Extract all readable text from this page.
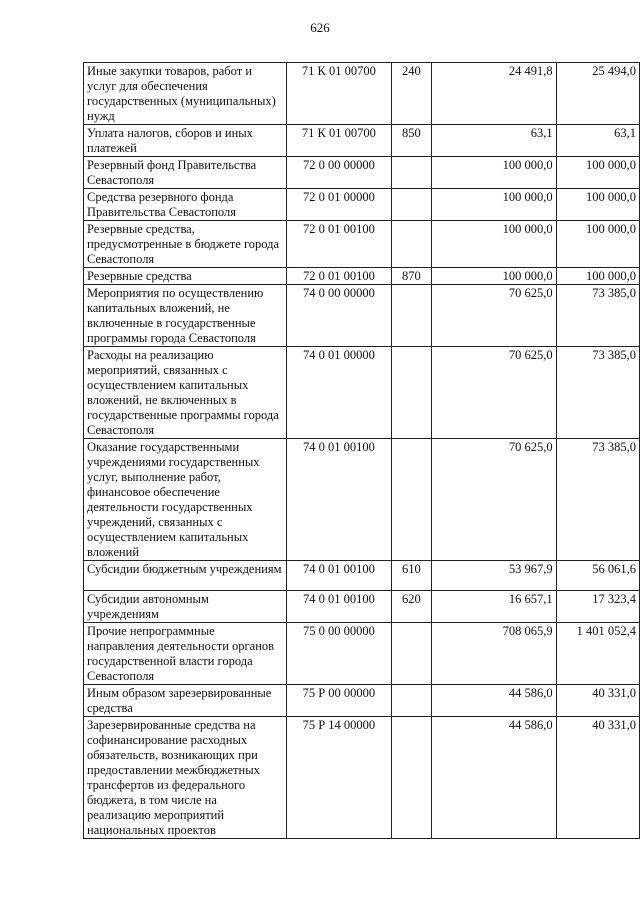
626
Иные закупки товаров, работ и услуг для обеспечения государственных (муниципальных) нужд	71 К 01 00700	240	24 491,8	25 494,0
Уплата налогов, сборов и иных платежей	71 К 01 00700	850	63,1	63,1
Резервный фонд Правительства Севастополя	72 0 00 00000		100 000,0	100 000,0
Средства резервного фонда Правительства Севастополя	72 0 01 00000		100 000,0	100 000,0
Резервные средства, предусмотренные в бюджете города Севастополя	72 0 01 00100		100 000,0	100 000,0
Резервные средства	72 0 01 00100	870	100 000,0	100 000,0
Мероприятия по осуществлению капитальных вложений, не включенные в государственные программы города Севастополя	74 0 00 00000		70 625,0	73 385,0
Расходы на реализацию мероприятий, связанных с осуществлением капитальных вложений, не включенных в государственные программы города Севастополя	74 0 01 00000		70 625,0	73 385,0
Оказание государственными учреждениями государственных услуг, выполнение работ, финансовое обеспечение деятельности государственных учреждений, связанных с осуществлением капитальных вложений	74 0 01 00100		70 625,0	73 385,0
Субсидии бюджетным учреждениям	74 0 01 00100	610	53 967,9	56 061,6
Субсидии автономным учреждениям	74 0 01 00100	620	16 657,1	17 323,4
Прочие непрограммные направления деятельности органов государственной власти города Севастополя	75 0 00 00000		708 065,9	1 401 052,4
Иным образом зарезервированные средства	75 Р 00 00000		44 586,0	40 331,0
Зарезервированные средства на софинансирование расходных обязательств, возникающих при предоставлении межбюджетных трансфертов из федерального бюджета, в том числе на реализацию мероприятий национальных проектов	75 Р 14 00000		44 586,0	40 331,0
